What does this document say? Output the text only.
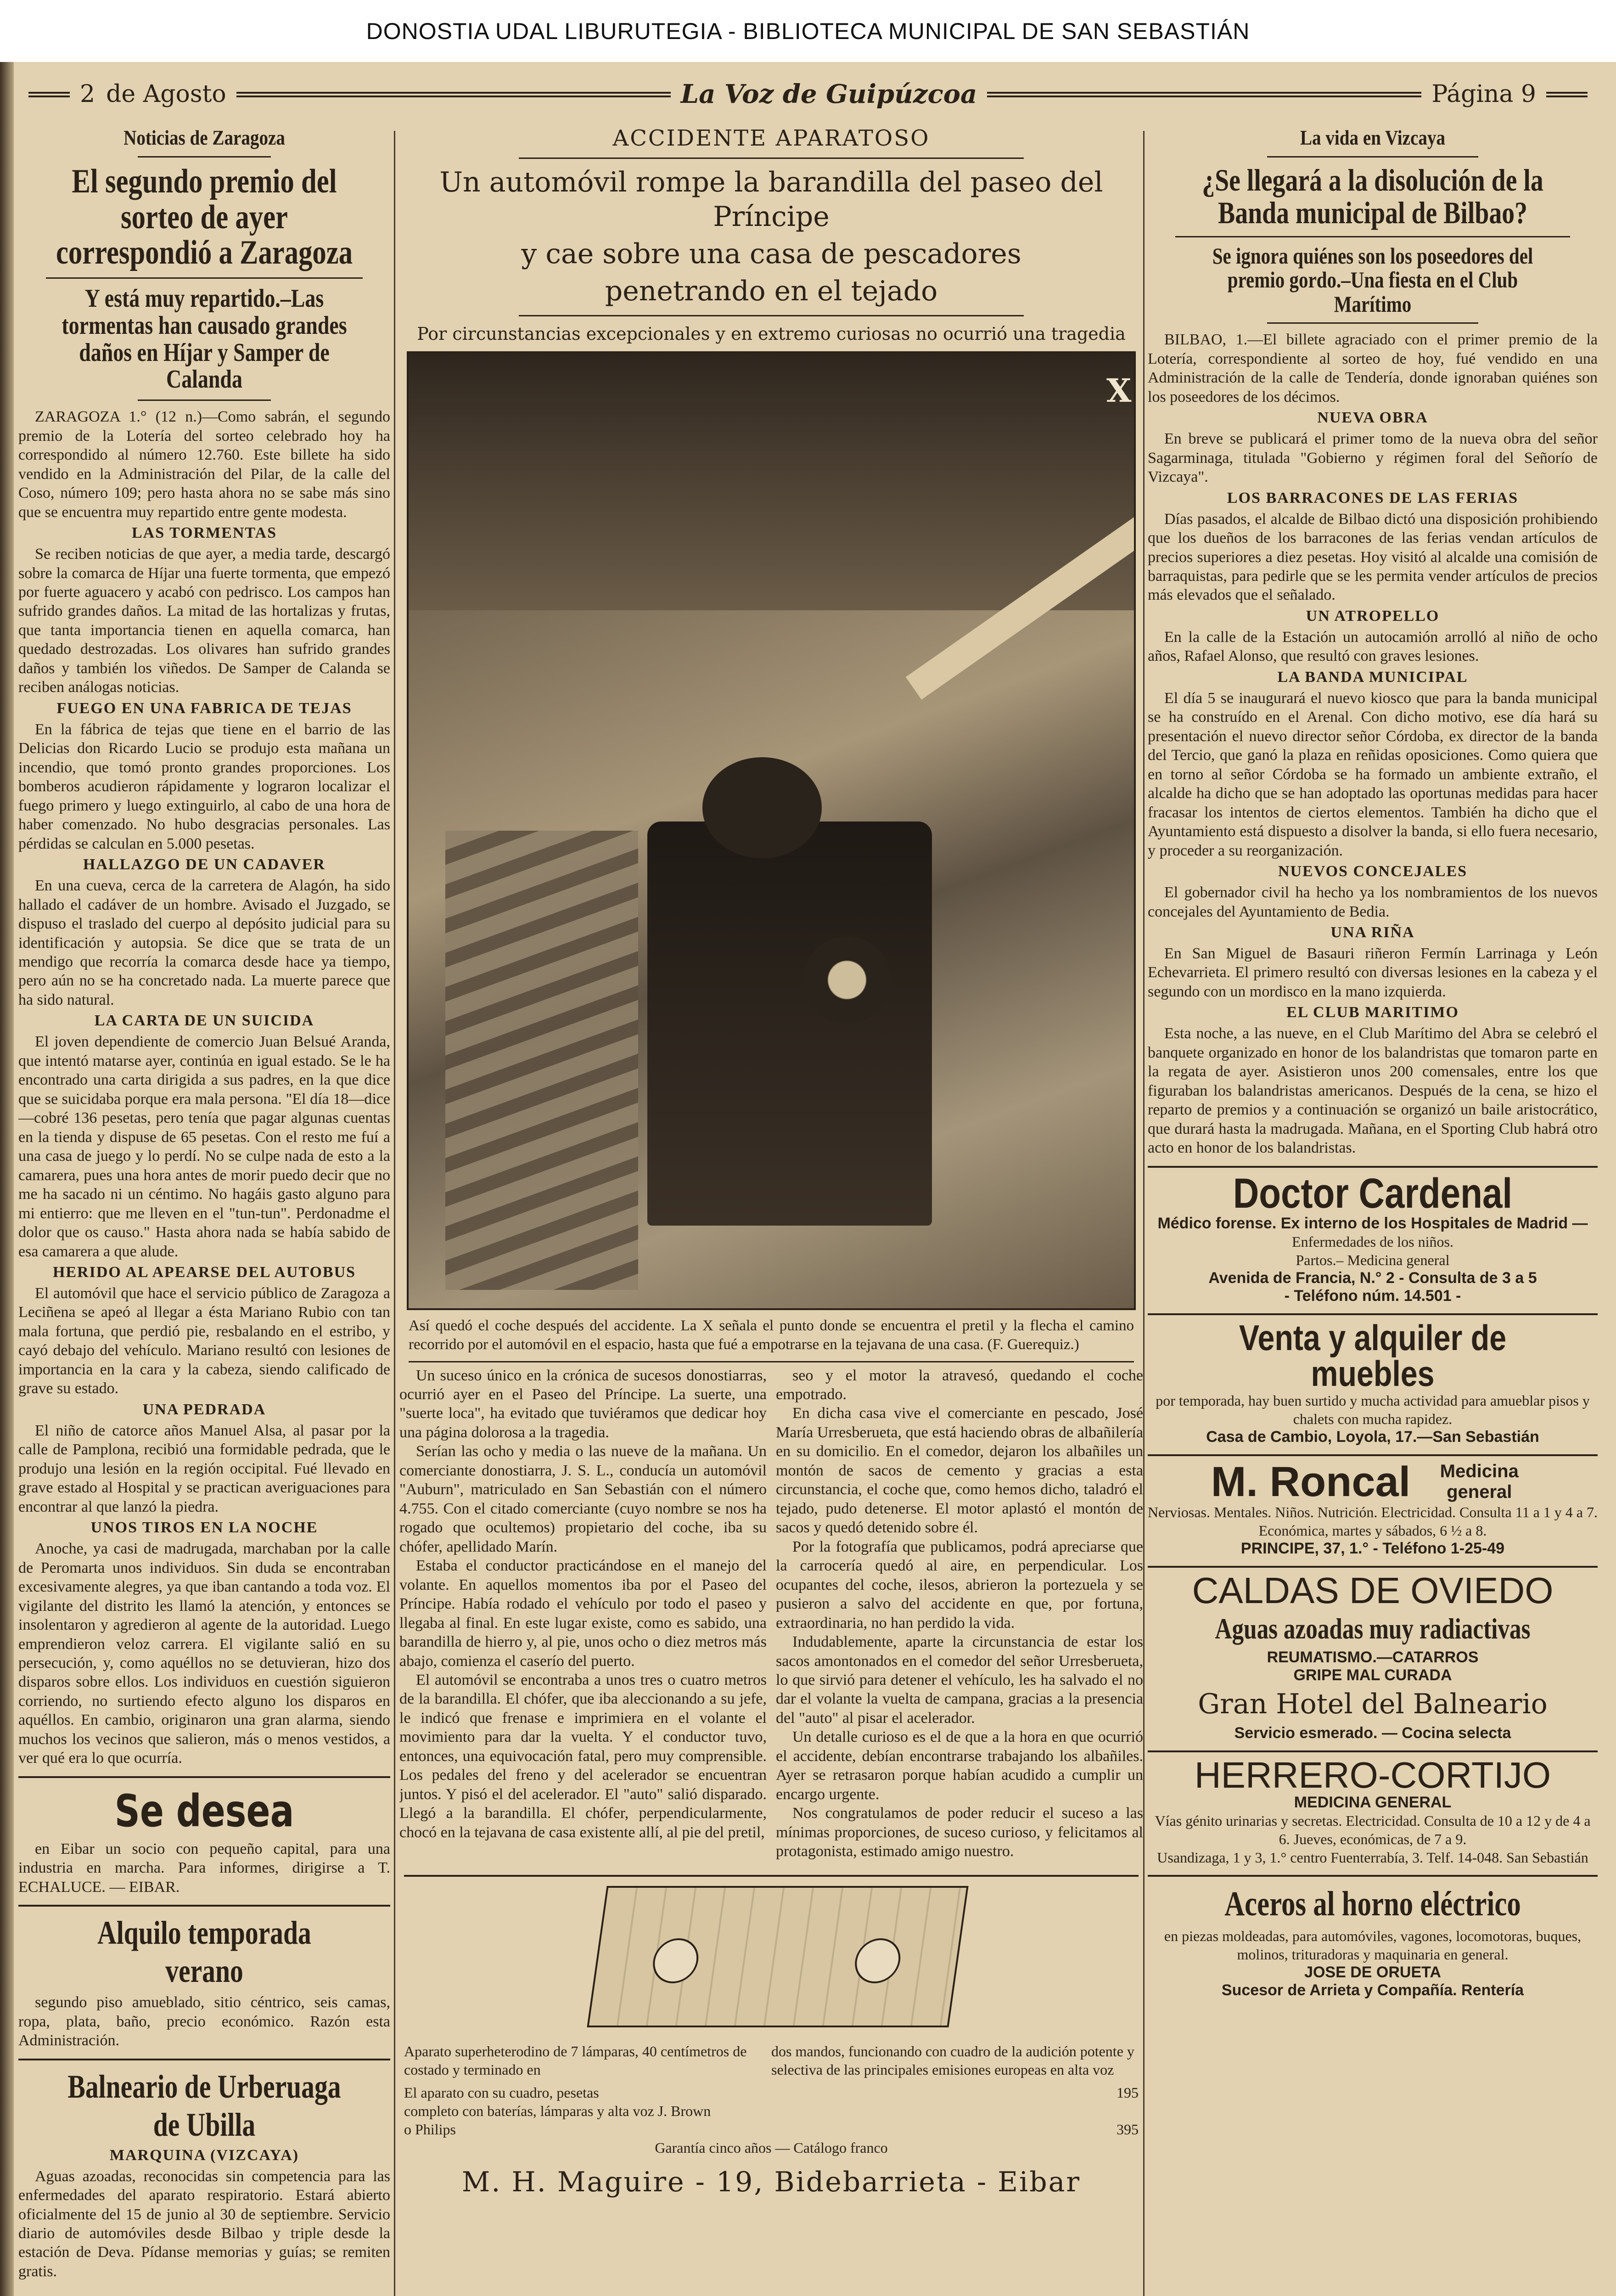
DONOSTIA UDAL LIBURUTEGIA - BIBLIOTECA MUNICIPAL DE SAN SEBASTIÁN
2 de Agosto	La Voz de Guipúzcoa	Página 9
Noticias de Zaragoza
El segundo premio del sorteo de ayer correspondió a Zaragoza
Y está muy repartido.–Las tormentas han causado grandes daños en Híjar y Samper de Calanda

ZARAGOZA 1.° (12 n.)—Como sabrán, el segundo premio de la Lotería del sorteo celebrado hoy ha correspondido al número 12.760. Este billete ha sido vendido en la Administración del Pilar, de la calle del Coso, número 109; pero hasta ahora no se sabe más sino que se encuentra muy repartido entre gente modesta.

LAS TORMENTAS

Se reciben noticias de que ayer, a media tarde, descargó sobre la comarca de Híjar una fuerte tormenta, que empezó por fuerte aguacero y acabó con pedrisco. Los campos han sufrido grandes daños. La mitad de las hortalizas y frutas, que tanta importancia tienen en aquella comarca, han quedado destrozadas. Los olivares han sufrido grandes daños y también los viñedos. De Samper de Calanda se reciben análogas noticias.

FUEGO EN UNA FABRICA DE TEJAS

En la fábrica de tejas que tiene en el barrio de las Delicias don Ricardo Lucio se produjo esta mañana un incendio, que tomó pronto grandes proporciones. Los bomberos acudieron rápidamente y lograron localizar el fuego primero y luego extinguirlo, al cabo de una hora de haber comenzado. No hubo desgracias personales. Las pérdidas se calculan en 5.000 pesetas.

HALLAZGO DE UN CADAVER

En una cueva, cerca de la carretera de Alagón, ha sido hallado el cadáver de un hombre. Avisado el Juzgado, se dispuso el traslado del cuerpo al depósito judicial para su identificación y autopsia. Se dice que se trata de un mendigo que recorría la comarca desde hace ya tiempo, pero aún no se ha concretado nada. La muerte parece que ha sido natural.

LA CARTA DE UN SUICIDA

El joven dependiente de comercio Juan Belsué Aranda, que intentó matarse ayer, continúa en igual estado. Se le ha encontrado una carta dirigida a sus padres, en la que dice que se suicidaba porque era mala persona. "El día 18—dice—cobré 136 pesetas, pero tenía que pagar algunas cuentas en la tienda y dispuse de 65 pesetas. Con el resto me fuí a una casa de juego y lo perdí. No se culpe nada de esto a la camarera, pues una hora antes de morir puedo decir que no me ha sacado ni un céntimo. No hagáis gasto alguno para mi entierro: que me lleven en el "tun-tun". Perdonadme el dolor que os causo." Hasta ahora nada se había sabido de esa camarera a que alude.

HERIDO AL APEARSE DEL AUTOBUS

El automóvil que hace el servicio público de Zaragoza a Leciñena se apeó al llegar a ésta Mariano Rubio con tan mala fortuna, que perdió pie, resbalando en el estribo, y cayó debajo del vehículo. Mariano resultó con lesiones de importancia en la cara y la cabeza, siendo calificado de grave su estado.

UNA PEDRADA

El niño de catorce años Manuel Alsa, al pasar por la calle de Pamplona, recibió una formidable pedrada, que le produjo una lesión en la región occipital. Fué llevado en grave estado al Hospital y se practican averiguaciones para encontrar al que lanzó la piedra.

UNOS TIROS EN LA NOCHE

Anoche, ya casi de madrugada, marchaban por la calle de Peromarta unos individuos. Sin duda se encontraban excesivamente alegres, ya que iban cantando a toda voz. El vigilante del distrito les llamó la atención, y entonces se insolentaron y agredieron al agente de la autoridad. Luego emprendieron veloz carrera. El vigilante salió en su persecución, y, como aquéllos no se detuvieran, hizo dos disparos sobre ellos. Los individuos en cuestión siguieron corriendo, no surtiendo efecto alguno los disparos en aquéllos. En cambio, originaron una gran alarma, siendo muchos los vecinos que salieron, más o menos vestidos, a ver qué era lo que ocurría.

Se desea

en Eibar un socio con pequeño capital, para una industria en marcha. Para informes, dirigirse a T. ECHALUCE. — EIBAR.

Alquilo temporada verano

segundo piso amueblado, sitio céntrico, seis camas, ropa, plata, baño, precio económico. Razón esta Administración.

Balneario de Urberuaga de Ubilla
MARQUINA (VIZCAYA)

Aguas azoadas, reconocidas sin competencia para las enfermedades del aparato respiratorio. Estará abierto oficialmente del 15 de junio al 30 de septiembre. Servicio diario de automóviles desde Bilbao y triple desde la estación de Deva. Pídanse memorias y guías; se remiten gratis.

ACCIDENTE APARATOSO
Un automóvil rompe la barandilla del paseo del Príncipe
y cae sobre una casa de pescadores
penetrando en el tejado
Por circunstancias excepcionales y en extremo curiosas no ocurrió una tragedia
X

Así quedó el coche después del accidente. La X señala el punto donde se encuentra el pretil y la flecha el camino recorrido por el automóvil en el espacio, hasta que fué a empotrarse en la tejavana de una casa. (F. Guerequiz.)

Un suceso único en la crónica de sucesos donostiarras, ocurrió ayer en el Paseo del Príncipe. La suerte, una "suerte loca", ha evitado que tuviéramos que dedicar hoy una página dolorosa a la tragedia.

Serían las ocho y media o las nueve de la mañana. Un comerciante donostiarra, J. S. L., conducía un automóvil "Auburn", matriculado en San Sebastián con el número 4.755. Con el citado comerciante (cuyo nombre se nos ha rogado que ocultemos) propietario del coche, iba su chófer, apellidado Marín.

Estaba el conductor practicándose en el manejo del volante. En aquellos momentos iba por el Paseo del Príncipe. Había rodado el vehículo por todo el paseo y llegaba al final. En este lugar existe, como es sabido, una barandilla de hierro y, al pie, unos ocho o diez metros más abajo, comienza el caserío del puerto.

El automóvil se encontraba a unos tres o cuatro metros de la barandilla. El chófer, que iba aleccionando a su jefe, le indicó que frenase e imprimiera en el volante el movimiento para dar la vuelta. Y el conductor tuvo, entonces, una equivocación fatal, pero muy comprensible. Los pedales del freno y del acelerador se encuentran juntos. Y pisó el del acelerador. El "auto" salió disparado. Llegó a la barandilla. El chófer, perpendicularmente, chocó en la tejavana de casa existente allí, al pie del pretil,

seo y el motor la atravesó, quedando el coche empotrado.

En dicha casa vive el comerciante en pescado, José María Urresberueta, que está haciendo obras de albañilería en su domicilio. En el comedor, dejaron los albañiles un montón de sacos de cemento y gracias a esta circunstancia, el coche que, como hemos dicho, taladró el tejado, pudo detenerse. El motor aplastó el montón de sacos y quedó detenido sobre él.

Por la fotografía que publicamos, podrá apreciarse que la carrocería quedó al aire, en perpendicular. Los ocupantes del coche, ilesos, abrieron la portezuela y se pusieron a salvo del accidente en que, por fortuna, extraordinaria, no han perdido la vida.

Indudablemente, aparte la circunstancia de estar los sacos amontonados en el comedor del señor Urresberueta, lo que sirvió para detener el vehículo, les ha salvado el no dar el volante la vuelta de campana, gracias a la presencia del "auto" al pisar el acelerador.

Un detalle curioso es el de que a la hora en que ocurrió el accidente, debían encontrarse trabajando los albañiles. Ayer se retrasaron porque habían acudido a cumplir un encargo urgente.

Nos congratulamos de poder reducir el suceso a las mínimas proporciones, de suceso curioso, y felicitamos al protagonista, estimado amigo nuestro.

Aparato superheterodino de 7 lámparas, 40 centímetros de costado y terminado en
dos mandos, funcionando con cuadro de la audición potente y selectiva de las principales emisiones europeas en alta voz
El aparato con su cuadro, pesetas	195
completo con baterías, lámparas y alta voz J. Brown
o Philips	395
Garantía cinco años — Catálogo franco
M. H. Maguire - 19, Bidebarrieta - Eibar
La vida en Vizcaya
¿Se llegará a la disolución de la Banda municipal de Bilbao?
Se ignora quiénes son los poseedores del premio gordo.–Una fiesta en el Club Marítimo

BILBAO, 1.—El billete agraciado con el primer premio de la Lotería, correspondiente al sorteo de hoy, fué vendido en una Administración de la calle de Tendería, donde ignoraban quiénes son los poseedores de los décimos.

NUEVA OBRA

En breve se publicará el primer tomo de la nueva obra del señor Sagarminaga, titulada "Gobierno y régimen foral del Señorío de Vizcaya".

LOS BARRACONES DE LAS FERIAS

Días pasados, el alcalde de Bilbao dictó una disposición prohibiendo que los dueños de los barracones de las ferias vendan artículos de precios superiores a diez pesetas. Hoy visitó al alcalde una comisión de barraquistas, para pedirle que se les permita vender artículos de precios más elevados que el señalado.

UN ATROPELLO

En la calle de la Estación un autocamión arrolló al niño de ocho años, Rafael Alonso, que resultó con graves lesiones.

LA BANDA MUNICIPAL

El día 5 se inaugurará el nuevo kiosco que para la banda municipal se ha construído en el Arenal. Con dicho motivo, ese día hará su presentación el nuevo director señor Córdoba, ex director de la banda del Tercio, que ganó la plaza en reñidas oposiciones. Como quiera que en torno al señor Córdoba se ha formado un ambiente extraño, el alcalde ha dicho que se han adoptado las oportunas medidas para hacer fracasar los intentos de ciertos elementos. También ha dicho que el Ayuntamiento está dispuesto a disolver la banda, si ello fuera necesario, y proceder a su reorganización.

NUEVOS CONCEJALES

El gobernador civil ha hecho ya los nombramientos de los nuevos concejales del Ayuntamiento de Bedia.

UNA RIÑA

En San Miguel de Basauri riñeron Fermín Larrinaga y León Echevarrieta. El primero resultó con diversas lesiones en la cabeza y el segundo con un mordisco en la mano izquierda.

EL CLUB MARITIMO

Esta noche, a las nueve, en el Club Marítimo del Abra se celebró el banquete organizado en honor de los balandristas que tomaron parte en la regata de ayer. Asistieron unos 200 comensales, entre los que figuraban los balandristas americanos. Después de la cena, se hizo el reparto de premios y a continuación se organizó un baile aristocrático, que durará hasta la madrugada. Mañana, en el Sporting Club habrá otro acto en honor de los balandristas.

Doctor Cardenal
Médico forense. Ex interno de los Hospitales de Madrid —
Enfermedades de los niños.
Partos.– Medicina general
Avenida de Francia, N.° 2 - Consulta de 3 a 5
- Teléfono núm. 14.501 -
Venta y alquiler de muebles
por temporada, hay buen surtido y mucha actividad para amueblar pisos y chalets con mucha rapidez.
Casa de Cambio, Loyola, 17.—San Sebastián
M. Roncal	Medicina general
Nerviosas. Mentales. Niños. Nutrición. Electricidad. Consulta 11 a 1 y 4 a 7. Económica, martes y sábados, 6 ½ a 8.
PRINCIPE, 37, 1.° - Teléfono 1-25-49
CALDAS DE OVIEDO
Aguas azoadas muy radiactivas
REUMATISMO.—CATARROS
GRIPE MAL CURADA
Gran Hotel del Balneario
Servicio esmerado. — Cocina selecta
HERRERO-CORTIJO
MEDICINA GENERAL
Vías génito urinarias y secretas. Electricidad. Consulta de 10 a 12 y de 4 a 6. Jueves, económicas, de 7 a 9.
Usandizaga, 1 y 3, 1.° centro Fuenterrabía, 3. Telf. 14-048. San Sebastián
Aceros al horno eléctrico
en piezas moldeadas, para automóviles, vagones, locomotoras, buques, molinos, trituradoras y maquinaria en general.
JOSE DE ORUETA
Sucesor de Arrieta y Compañía. Rentería
